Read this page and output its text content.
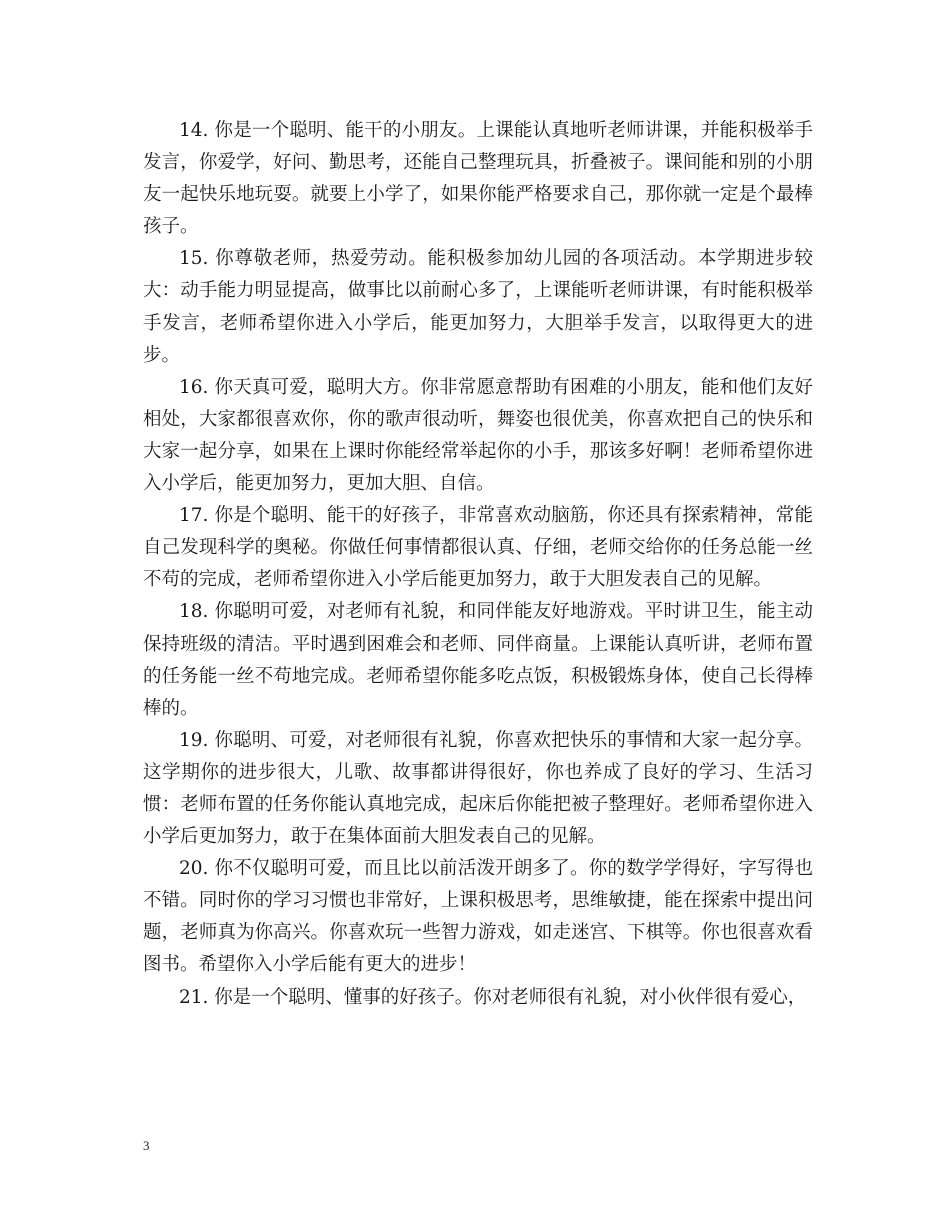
14. 你是一个聪明、能干的小朋友。上课能认真地听老师讲课，并能积极举手发言，你爱学，好问、勤思考，还能自己整理玩具，折叠被子。课间能和别的小朋友一起快乐地玩耍。就要上小学了，如果你能严格要求自己，那你就一定是个最棒孩子。

15. 你尊敬老师，热爱劳动。能积极参加幼儿园的各项活动。本学期进步较大：动手能力明显提高，做事比以前耐心多了，上课能听老师讲课，有时能积极举手发言，老师希望你进入小学后，能更加努力，大胆举手发言，以取得更大的进步。

16. 你天真可爱，聪明大方。你非常愿意帮助有困难的小朋友，能和他们友好相处，大家都很喜欢你，你的歌声很动听，舞姿也很优美，你喜欢把自己的快乐和大家一起分享，如果在上课时你能经常举起你的小手，那该多好啊！老师希望你进入小学后，能更加努力，更加大胆、自信。

17. 你是个聪明、能干的好孩子，非常喜欢动脑筋，你还具有探索精神，常能自己发现科学的奥秘。你做任何事情都很认真、仔细，老师交给你的任务总能一丝不苟的完成，老师希望你进入小学后能更加努力，敢于大胆发表自己的见解。

18. 你聪明可爱，对老师有礼貌，和同伴能友好地游戏。平时讲卫生，能主动保持班级的清洁。平时遇到困难会和老师、同伴商量。上课能认真听讲，老师布置的任务能一丝不苟地完成。老师希望你能多吃点饭，积极锻炼身体，使自己长得棒棒的。

19. 你聪明、可爱，对老师很有礼貌，你喜欢把快乐的事情和大家一起分享。这学期你的进步很大，儿歌、故事都讲得很好，你也养成了良好的学习、生活习惯：老师布置的任务你能认真地完成，起床后你能把被子整理好。老师希望你进入小学后更加努力，敢于在集体面前大胆发表自己的见解。

20. 你不仅聪明可爱，而且比以前活泼开朗多了。你的数学学得好，字写得也不错。同时你的学习习惯也非常好，上课积极思考，思维敏捷，能在探索中提出问题，老师真为你高兴。你喜欢玩一些智力游戏，如走迷宫、下棋等。你也很喜欢看图书。希望你入小学后能有更大的进步！

21. 你是一个聪明、懂事的好孩子。你对老师很有礼貌，对小伙伴很有爱心，

3
